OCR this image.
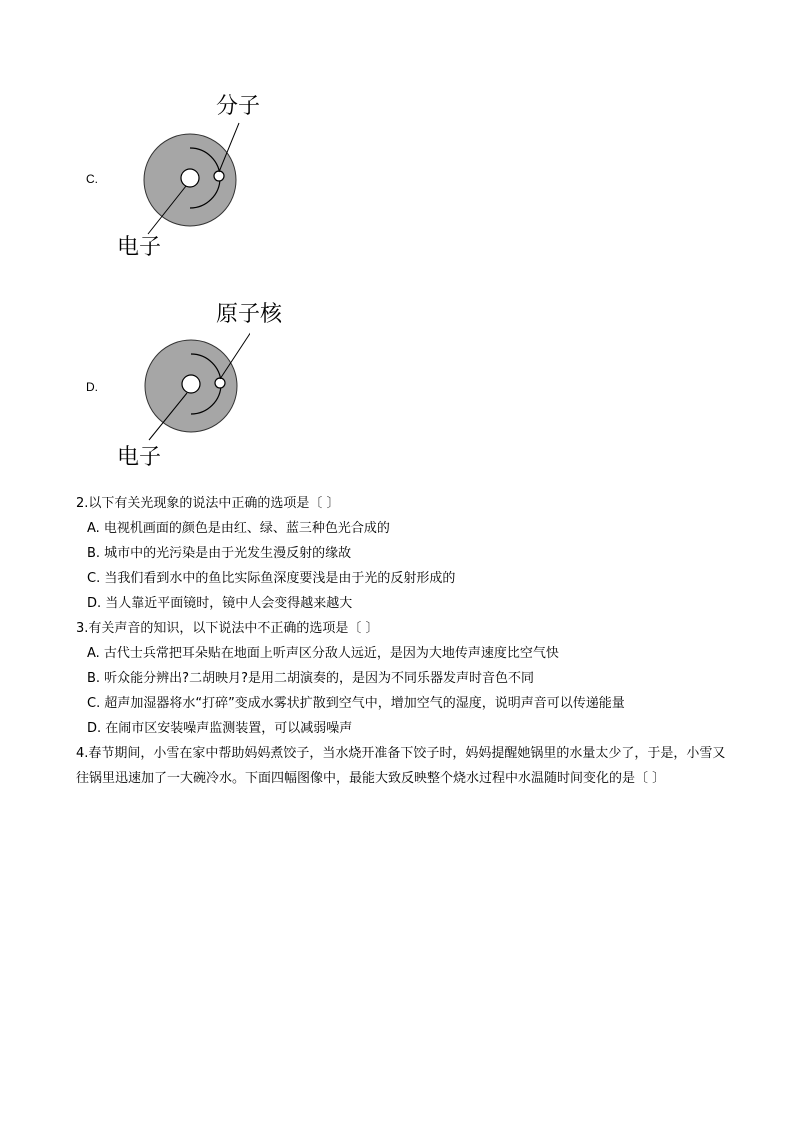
C.
分子
电子
D.
原子核
电子
2.以下有关光现象的说法中正确的选项是〔 〕
A. 电视机画面的颜色是由红、绿、蓝三种色光合成的
B. 城市中的光污染是由于光发生漫反射的缘故
C. 当我们看到水中的鱼比实际鱼深度要浅是由于光的反射形成的
D. 当人靠近平面镜时，镜中人会变得越来越大
3.有关声音的知识，以下说法中不正确的选项是〔 〕
A. 古代士兵常把耳朵贴在地面上听声区分敌人远近，是因为大地传声速度比空气快
B. 听众能分辨出?二胡映月?是用二胡演奏的，是因为不同乐器发声时音色不同
C. 超声加湿器将水“打碎”变成水雾状扩散到空气中，增加空气的湿度，说明声音可以传递能量
D. 在闹市区安装噪声监测装置，可以减弱噪声
4.春节期间，小雪在家中帮助妈妈煮饺子，当水烧开准备下饺子时，妈妈提醒她锅里的水量太少了，于是，小雪又往锅里迅速加了一大碗冷水。下面四幅图像中，最能大致反映整个烧水过程中水温随时间变化的是〔 〕
